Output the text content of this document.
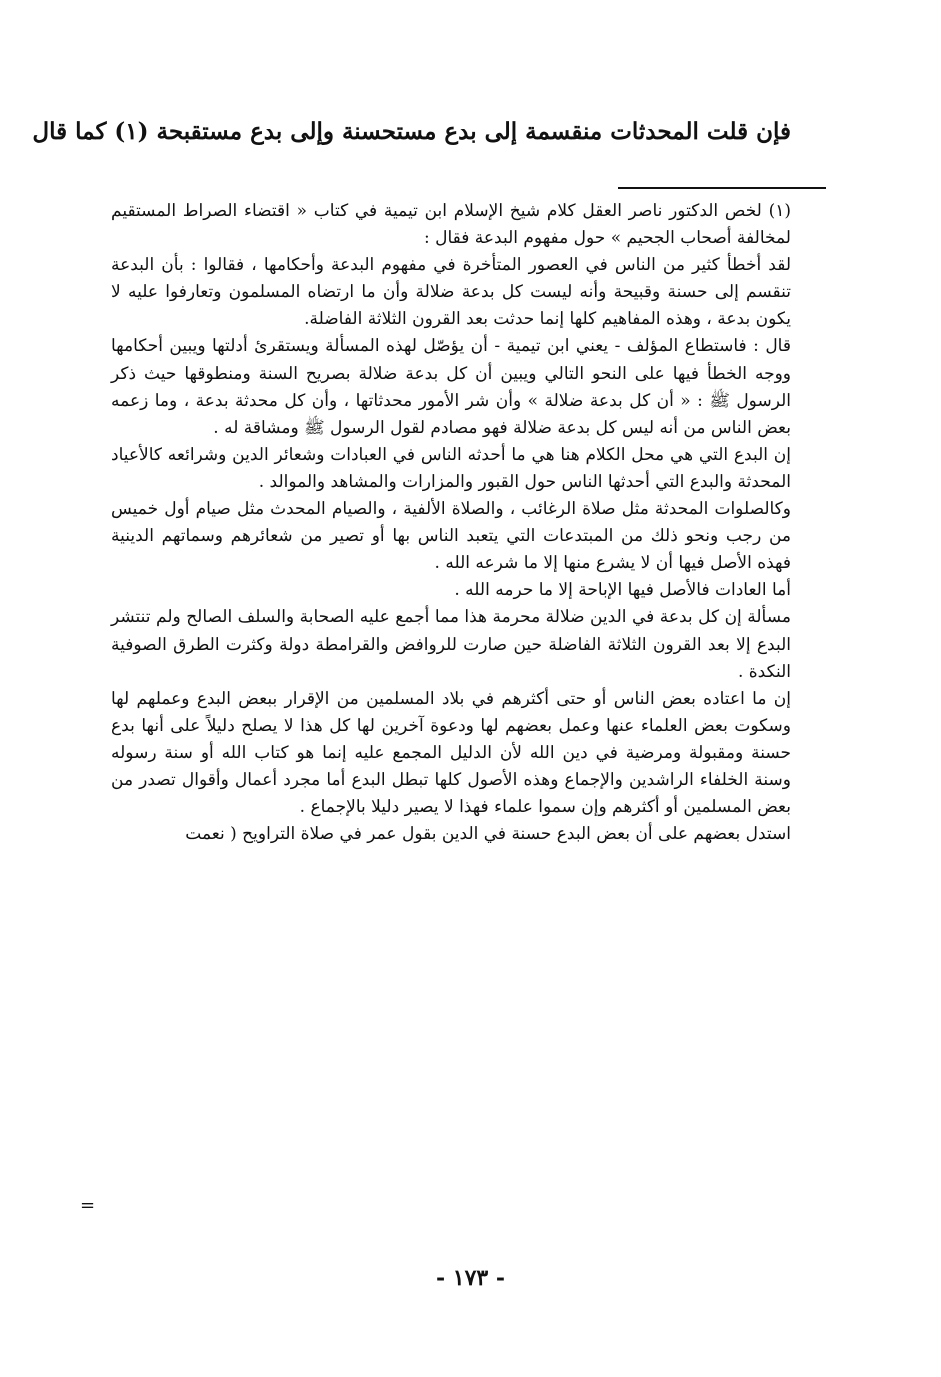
فإن قلت المحدثات منقسمة إلى بدع مستحسنة وإلى بدع مستقبحة (١) كما قال

(١) لخص الدكتور ناصر العقل كلام شيخ الإسلام ابن تيمية في كتاب « اقتضاء الصراط المستقيم لمخالفة أصحاب الجحيم » حول مفهوم البدعة فقال :

لقد أخطأ كثير من الناس في العصور المتأخرة في مفهوم البدعة وأحكامها ، فقالوا : بأن البدعة تنقسم إلى حسنة وقبيحة وأنه ليست كل بدعة ضلالة وأن ما ارتضاه المسلمون وتعارفوا عليه لا يكون بدعة ، وهذه المفاهيم كلها إنما حدثت بعد القرون الثلاثة الفاضلة.

قال : فاستطاع المؤلف - يعني ابن تيمية - أن يؤصّل لهذه المسألة ويستقرئ أدلتها ويبين أحكامها ووجه الخطأ فيها على النحو التالي ويبين أن كل بدعة ضلالة بصريح السنة ومنطوقها حيث ذكر الرسول ﷺ : « أن كل بدعة ضلالة » وأن شر الأمور محدثاتها ، وأن كل محدثة بدعة ، وما زعمه بعض الناس من أنه ليس كل بدعة ضلالة فهو مصادم لقول الرسول ﷺ ومشاقة له .

إن البدع التي هي محل الكلام هنا هي ما أحدثه الناس في العبادات وشعائر الدين وشرائعه كالأعياد المحدثة والبدع التي أحدثها الناس حول القبور والمزارات والمشاهد والموالد .

وكالصلوات المحدثة مثل صلاة الرغائب ، والصلاة الألفية ، والصيام المحدث مثل صيام أول خميس من رجب ونحو ذلك من المبتدعات التي يتعبد الناس بها أو تصير من شعائرهم وسماتهم الدينية فهذه الأصل فيها أن لا يشرع منها إلا ما شرعه الله .

أما العادات فالأصل فيها الإباحة إلا ما حرمه الله .

مسألة إن كل بدعة في الدين ضلالة محرمة هذا مما أجمع عليه الصحابة والسلف الصالح ولم تنتشر البدع إلا بعد القرون الثلاثة الفاضلة حين صارت للروافض والقرامطة دولة وكثرت الطرق الصوفية النكدة .

إن ما اعتاده بعض الناس أو حتى أكثرهم في بلاد المسلمين من الإقرار ببعض البدع وعملهم لها وسكوت بعض العلماء عنها وعمل بعضهم لها ودعوة آخرين لها كل هذا لا يصلح دليلاً على أنها بدع حسنة ومقبولة ومرضية في دين الله لأن الدليل المجمع عليه إنما هو كتاب الله أو سنة رسوله وسنة الخلفاء الراشدين والإجماع وهذه الأصول كلها تبطل البدع أما مجرد أعمال وأقوال تصدر من بعض المسلمين أو أكثرهم وإن سموا علماء فهذا لا يصير دليلا بالإجماع .

استدل بعضهم على أن بعض البدع حسنة في الدين بقول عمر في صلاة التراويح ( نعمت

=
- ١٧٣ -
